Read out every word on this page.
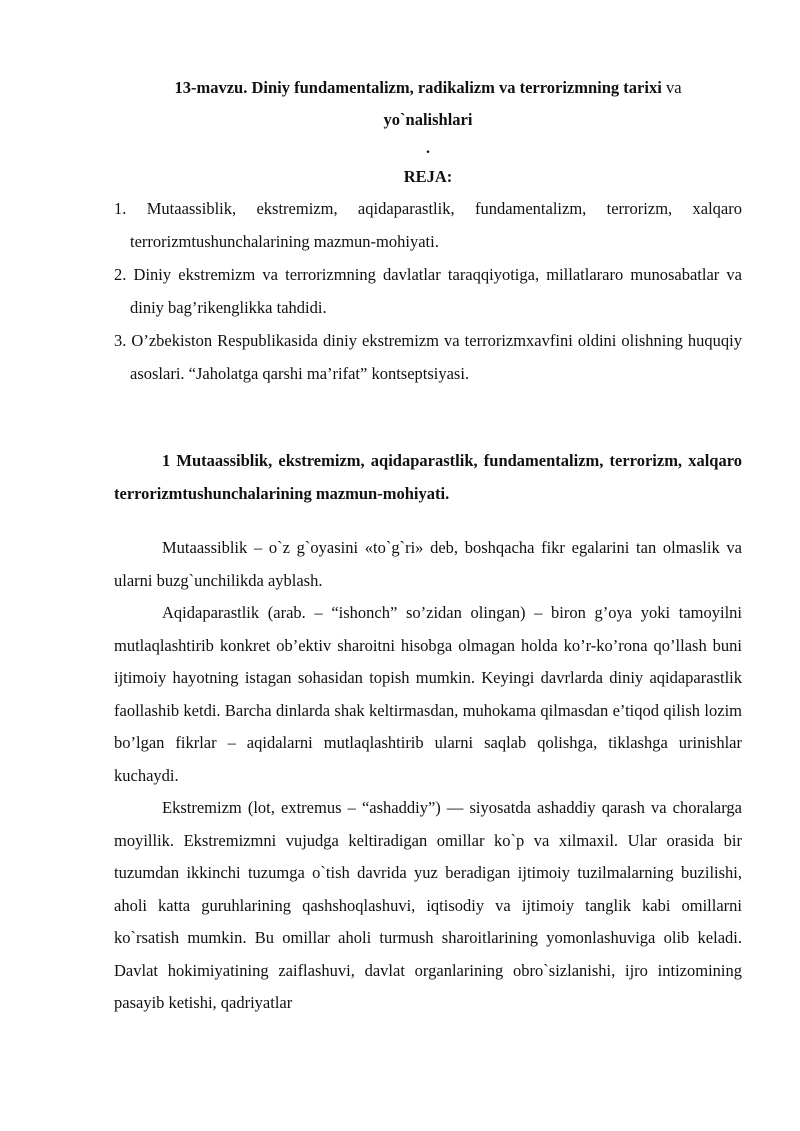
13-mavzu. Diniy fundamentalizm, radikalizm va terrorizmning tarixi va
yo`nalishlari

.

REJA:

1. Mutaassiblik, ekstremizm, aqidaparastlik, fundamentalizm, terrorizm, xalqaro terrorizmtushunchalarining mazmun-mohiyati.
2. Diniy ekstremizm va terrorizmning davlatlar taraqqiyotiga, millatlararo munosabatlar va diniy bag’rikenglikka tahdidi.
3. O’zbekiston Respublikasida diniy ekstremizm va terrorizmxavfini oldini olishning huquqiy asoslari. “Jaholatga qarshi ma’rifat” kontseptsiyasi.
1 Mutaassiblik, ekstremizm, aqidaparastlik, fundamentalizm, terrorizm, xalqaro terrorizmtushunchalarining mazmun-mohiyati.

Mutaassiblik – o`z g`oyasini «to`g`ri» deb, boshqacha fikr egalarini tan olmaslik va ularni buzg`unchilikda ayblash.

Aqidaparastlik (arab. – “ishonch” so’zidan olingan) – biron g’oya yoki tamoyilni mutlaqlashtirib konkret ob’ektiv sharoitni hisobga olmagan holda ko’r-ko’rona qo’llash buni ijtimoiy hayotning istagan sohasidan topish mumkin. Keyingi davrlarda diniy aqidaparastlik faollashib ketdi. Barcha dinlarda shak keltirmasdan, muhokama qilmasdan e’tiqod qilish lozim bo’lgan fikrlar – aqidalarni mutlaqlashtirib ularni saqlab qolishga, tiklashga urinishlar kuchaydi.

Ekstremizm (lot, extremus – “ashaddiy”) — siyosatda ashaddiy qarash va choralarga moyillik. Ekstremizmni vujudga keltiradigan omillar ko`p va xilmaxil. Ular orasida bir tuzumdan ikkinchi tuzumga o`tish davrida yuz beradigan ijtimoiy tuzilmalarning buzilishi, aholi katta guruhlarining qashshoqlashuvi, iqtisodiy va ijtimoiy tanglik kabi omillarni ko`rsatish mumkin. Bu omillar aholi turmush sharoitlarining yomonlashuviga olib keladi. Davlat hokimiyatining zaiflashuvi, davlat organlarining obro`sizlanishi, ijro intizomining pasayib ketishi, qadriyatlar
